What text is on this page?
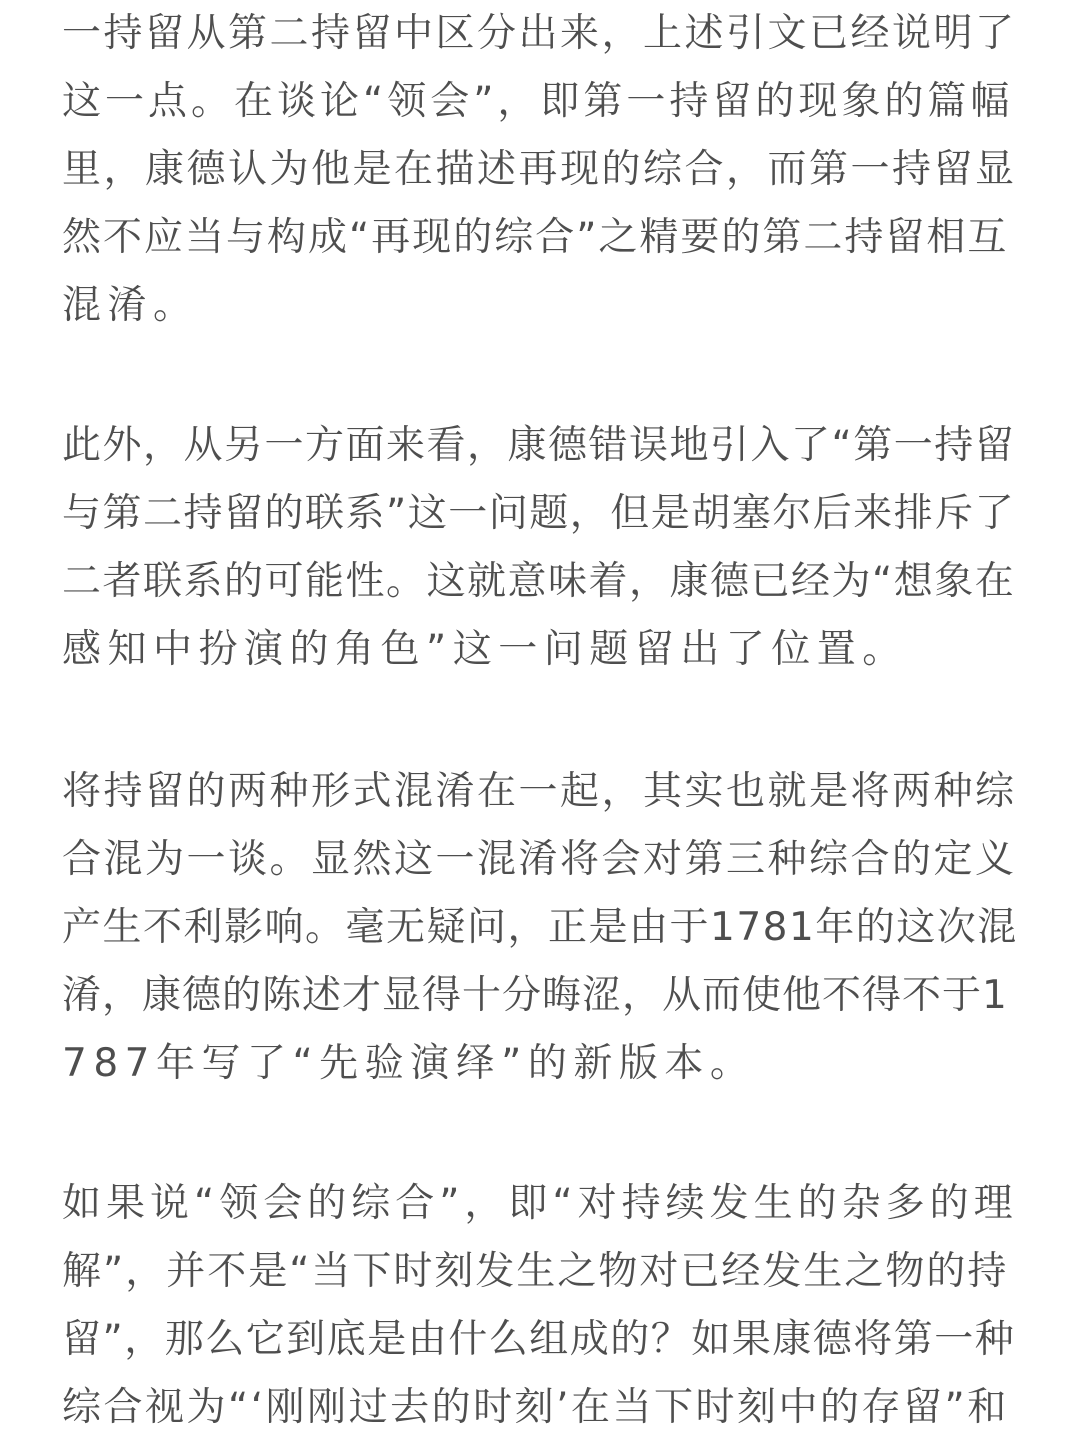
一持留从第二持留中区分出来，上述引文已经说明了
这一点。在谈论“领会”，即第一持留的现象的篇幅
里，康德认为他是在描述再现的综合，而第一持留显
然不应当与构成“再现的综合”之精要的第二持留相互
混淆。
此外，从另一方面来看，康德错误地引入了“第一持留
与第二持留的联系”这一问题，但是胡塞尔后来排斥了
二者联系的可能性。这就意味着，康德已经为“想象在
感知中扮演的角色”这一问题留出了位置。
将持留的两种形式混淆在一起，其实也就是将两种综
合混为一谈。显然这一混淆将会对第三种综合的定义
产生不利影响。毫无疑问，正是由于1781年的这次混
淆，康德的陈述才显得十分晦涩，从而使他不得不于1
787年写了“先验演绎”的新版本。
如果说“领会的综合”，即“对持续发生的杂多的理
解”，并不是“当下时刻发生之物对已经发生之物的持
留”，那么它到底是由什么组成的？如果康德将第一种
综合视为“‘刚刚过去的时刻’在当下时刻中的存留”和
